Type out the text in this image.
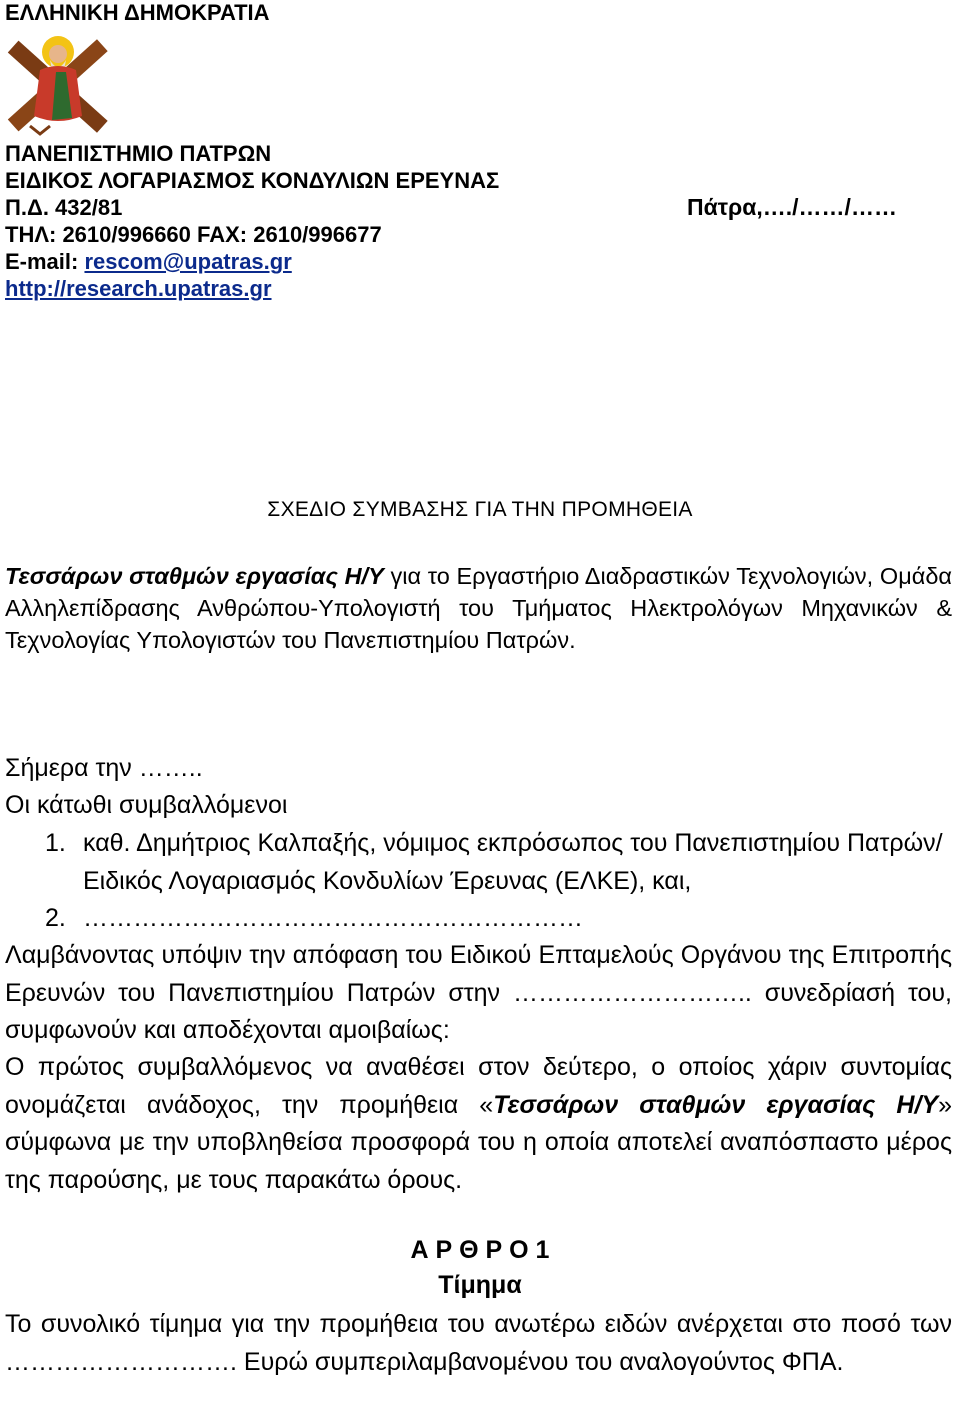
ΕΛΛΗΝΙΚΗ ΔΗΜΟΚΡΑΤΙΑ
ΠΑΝΕΠΙΣΤΗΜΙΟ ΠΑΤΡΩΝ
ΕΙΔΙΚΟΣ ΛΟΓΑΡΙΑΣΜΟΣ ΚΟΝΔΥΛΙΩΝ ΕΡΕΥΝΑΣ
Π.Δ. 432/81
ΤΗΛ: 2610/996660 FAX: 2610/996677
E-mail: rescom@upatras.gr
http://research.upatras.gr
Πάτρα,…./……/……
ΣΧΕΔΙΟ ΣΥΜΒΑΣΗΣ ΓΙΑ ΤΗΝ ΠΡΟΜΗΘΕΙΑ
Τεσσάρων σταθμών εργασίας Η/Υ για το Εργαστήριο Διαδραστικών Τεχνολογιών, Ομάδα Αλληλεπίδρασης Ανθρώπου-Υπολογιστή του Τμήματος Ηλεκτρολόγων Μηχανικών & Τεχνολογίας Υπολογιστών του Πανεπιστημίου Πατρών.
Σήμερα την ……..
Οι κάτωθι συμβαλλόμενοι
1. καθ. Δημήτριος Καλπαξής, νόμιμος εκπρόσωπος του Πανεπιστημίου Πατρών/Ειδικός Λογαριασμός Κονδυλίων Έρευνας (ΕΛΚΕ), και,
2. ……………………………………………………
Λαμβάνοντας υπόψιν την απόφαση του Ειδικού Επταμελούς Οργάνου της Επιτροπής Ερευνών του Πανεπιστημίου Πατρών στην ……………………….. συνεδρίασή του, συμφωνούν και αποδέχονται αμοιβαίως:
Ο πρώτος συμβαλλόμενος να αναθέσει στον δεύτερο, ο οποίος χάριν συντομίας ονομάζεται ανάδοχος, την προμήθεια «Τεσσάρων σταθμών εργασίας Η/Υ» σύμφωνα με την υποβληθείσα προσφορά του η οποία αποτελεί αναπόσπαστο μέρος της παρούσης, με τους παρακάτω όρους.
Α Ρ Θ Ρ Ο 1
Τίμημα
Το συνολικό τίμημα για την προμήθεια του ανωτέρω ειδών ανέρχεται στο ποσό των ………………………. Ευρώ συμπεριλαμβανομένου του αναλογούντος ΦΠΑ.
